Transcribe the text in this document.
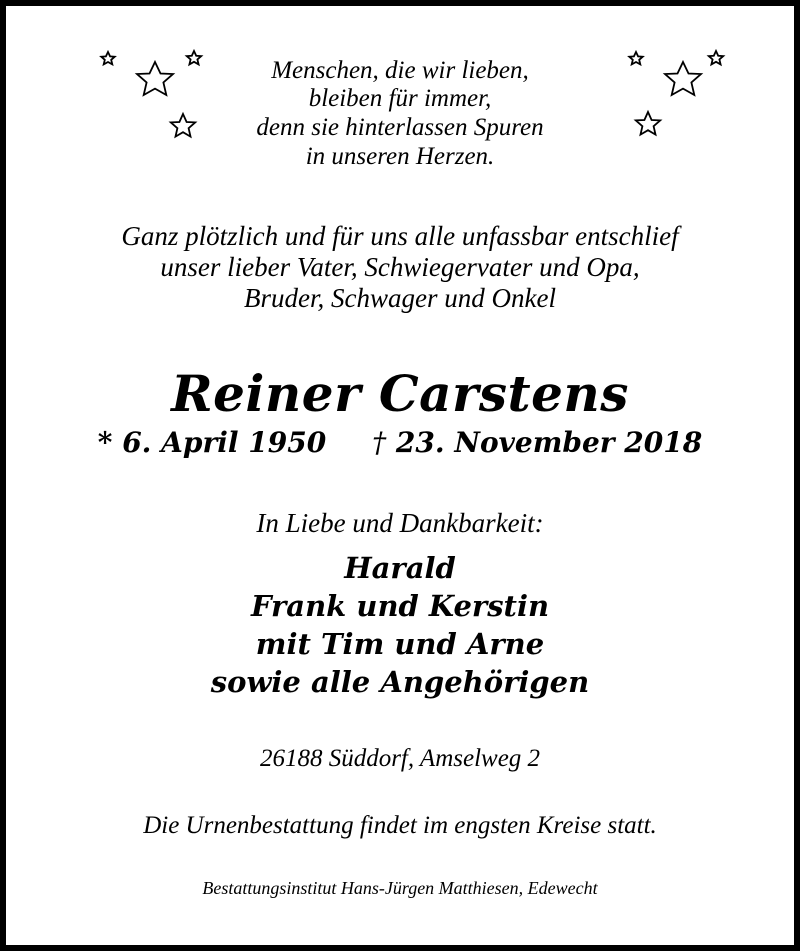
Menschen, die wir lieben,
bleiben für immer,
denn sie hinterlassen Spuren
in unseren Herzen.
Ganz plötzlich und für uns alle unfassbar entschlief
unser lieber Vater, Schwiegervater und Opa,
Bruder, Schwager und Onkel
Reiner Carstens
* 6. April 1950 † 23. November 2018
In Liebe und Dankbarkeit:
Harald
Frank und Kerstin
mit Tim und Arne
sowie alle Angehörigen
26188 Süddorf, Amselweg 2
Die Urnenbestattung findet im engsten Kreise statt.
Bestattungsinstitut Hans-Jürgen Matthiesen, Edewecht
